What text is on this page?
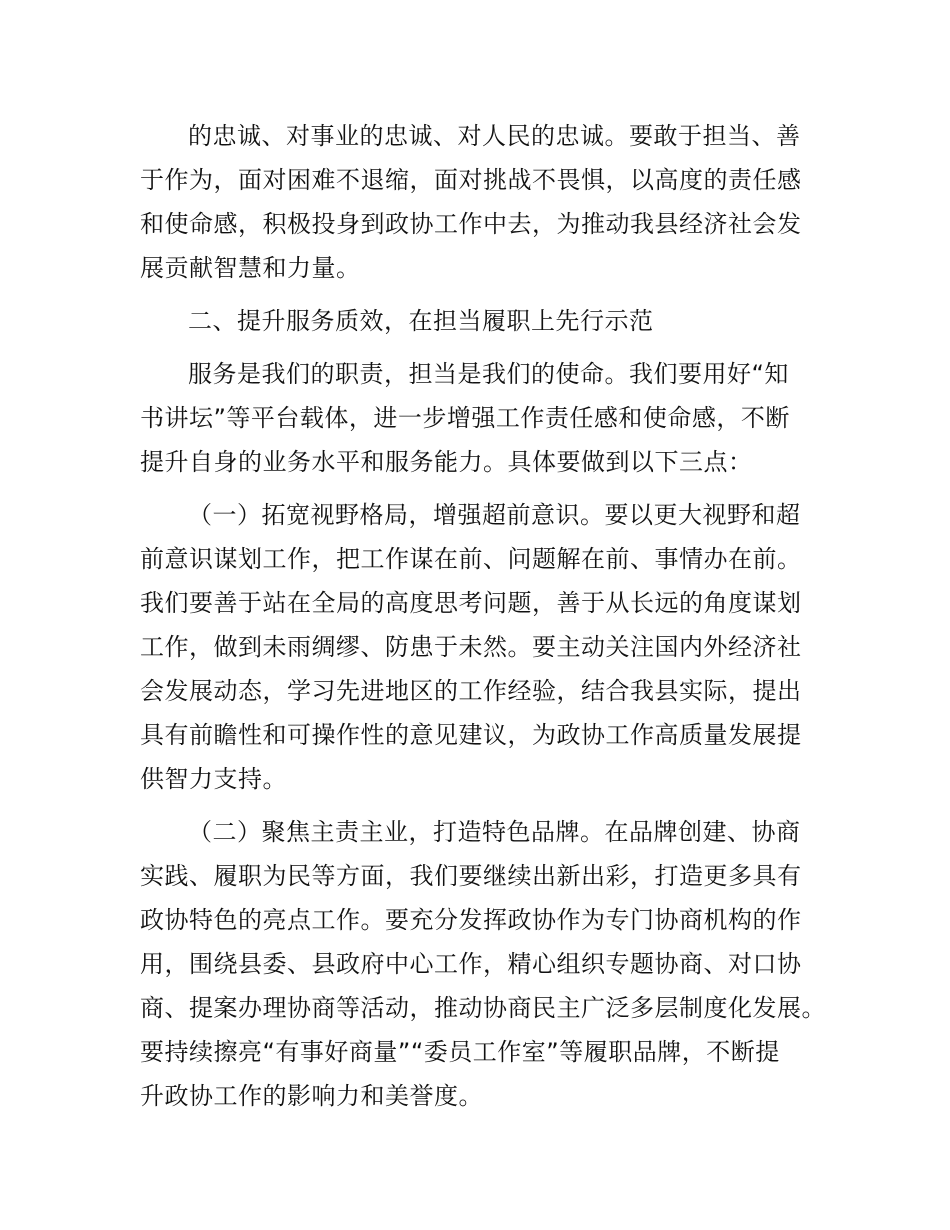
的忠诚、对事业的忠诚、对人民的忠诚。要敢于担当、善
于作为，面对困难不退缩，面对挑战不畏惧，以高度的责任感
和使命感，积极投身到政协工作中去，为推动我县经济社会发
展贡献智慧和力量。
二、提升服务质效，在担当履职上先行示范
服务是我们的职责，担当是我们的使命。我们要用好“知
书讲坛”等平台载体，进一步增强工作责任感和使命感，不断
提升自身的业务水平和服务能力。具体要做到以下三点：
（一）拓宽视野格局，增强超前意识。要以更大视野和超
前意识谋划工作，把工作谋在前、问题解在前、事情办在前。
我们要善于站在全局的高度思考问题，善于从长远的角度谋划
工作，做到未雨绸缪、防患于未然。要主动关注国内外经济社
会发展动态，学习先进地区的工作经验，结合我县实际，提出
具有前瞻性和可操作性的意见建议，为政协工作高质量发展提
供智力支持。
（二）聚焦主责主业，打造特色品牌。在品牌创建、协商
实践、履职为民等方面，我们要继续出新出彩，打造更多具有
政协特色的亮点工作。要充分发挥政协作为专门协商机构的作
用，围绕县委、县政府中心工作，精心组织专题协商、对口协
商、提案办理协商等活动，推动协商民主广泛多层制度化发展。
要持续擦亮“有事好商量”“委员工作室”等履职品牌，不断提
升政协工作的影响力和美誉度。
